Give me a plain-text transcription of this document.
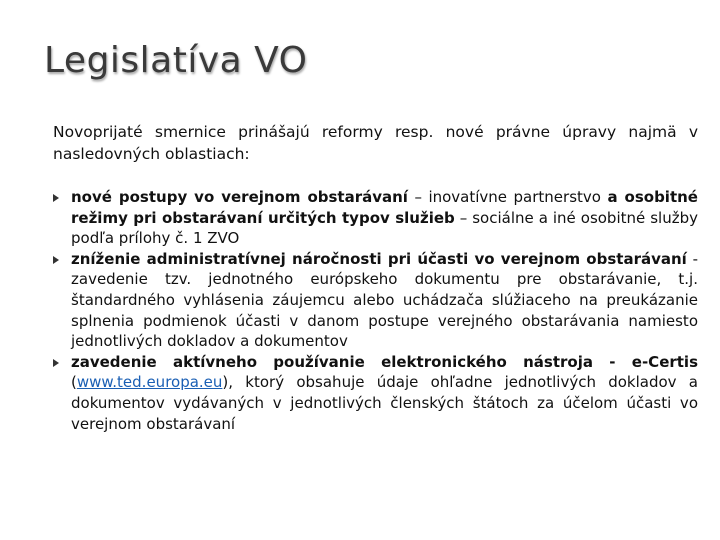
Legislatíva VO
Novoprijaté smernice prinášajú reformy resp. nové právne úpravy najmä v nasledovných oblastiach:
nové postupy vo verejnom obstarávaní – inovatívne partnerstvo a osobitné režimy pri obstarávaní určitých typov služieb – sociálne a iné osobitné služby podľa prílohy č. 1 ZVO
zníženie administratívnej náročnosti pri účasti vo verejnom obstarávaní - zavedenie tzv. jednotného európskeho dokumentu pre obstarávanie, t.j. štandardného vyhlásenia záujemcu alebo uchádzača slúžiaceho na preukázanie splnenia podmienok účasti v danom postupe verejného obstarávania namiesto jednotlivých dokladov a dokumentov
zavedenie aktívneho používanie elektronického nástroja - e-Certis (www.ted.europa.eu), ktorý obsahuje údaje ohľadne jednotlivých dokladov a dokumentov vydávaných v jednotlivých členských štátoch za účelom účasti vo verejnom obstarávaní
